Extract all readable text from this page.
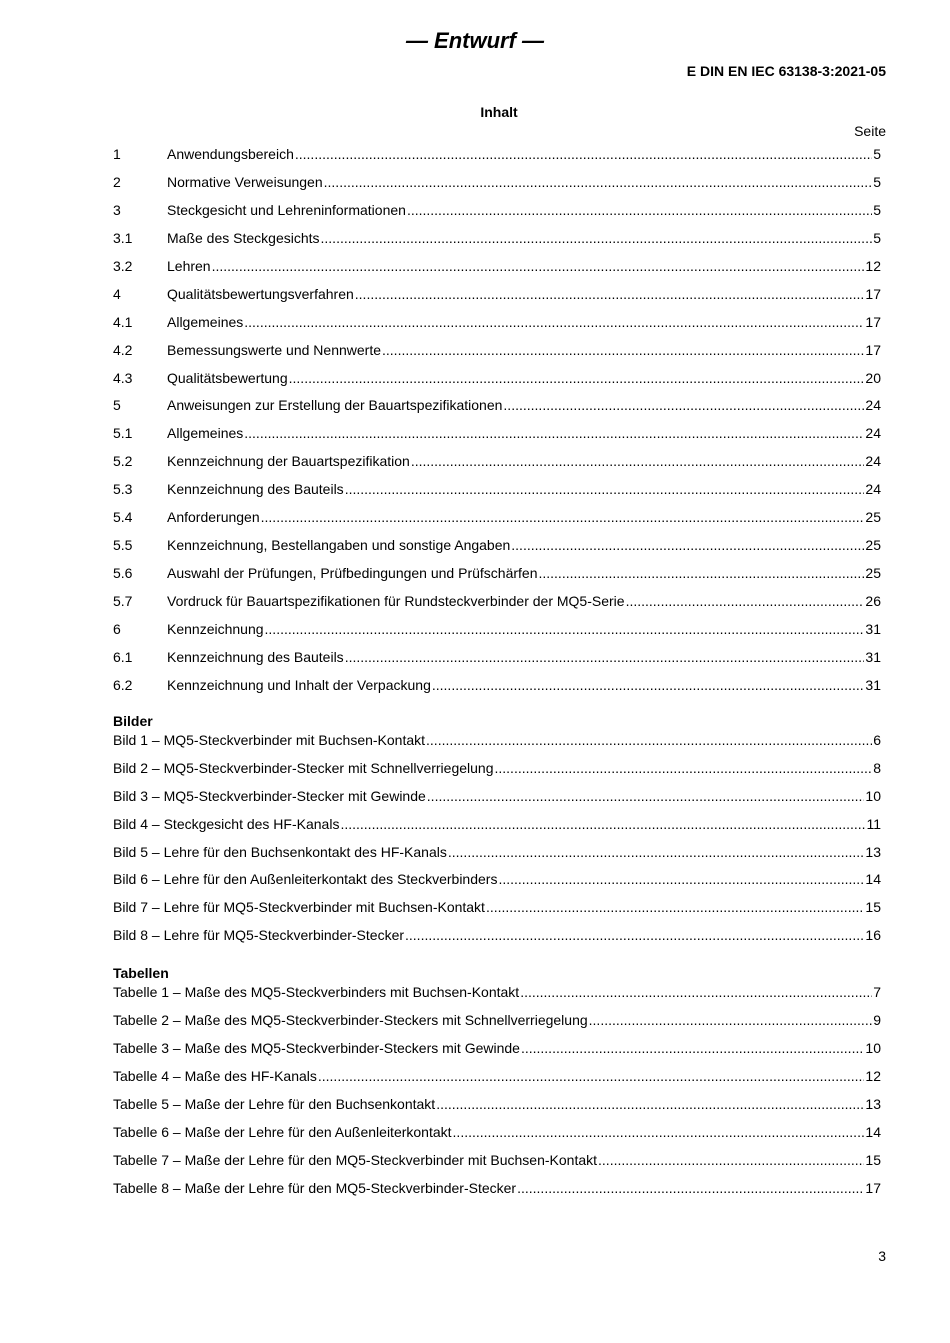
— Entwurf —
E DIN EN IEC 63138-3:2021-05
Inhalt
Seite
1	Anwendungsbereich .....	5
2	Normative Verweisungen .....	5
3	Steckgesicht und Lehreninformationen .....	5
3.1	Maße des Steckgesichts .....	5
3.2	Lehren .....	12
4	Qualitätsbewertungsverfahren .....	17
4.1	Allgemeines .....	17
4.2	Bemessungswerte und Nennwerte .....	17
4.3	Qualitätsbewertung .....	20
5	Anweisungen zur Erstellung der Bauartspezifikationen .....	24
5.1	Allgemeines .....	24
5.2	Kennzeichnung der Bauartspezifikation .....	24
5.3	Kennzeichnung des Bauteils .....	24
5.4	Anforderungen .....	25
5.5	Kennzeichnung, Bestellangaben und sonstige Angaben .....	25
5.6	Auswahl der Prüfungen, Prüfbedingungen und Prüfschärfen .....	25
5.7	Vordruck für Bauartspezifikationen für Rundsteckverbinder der MQ5-Serie .....	26
6	Kennzeichnung .....	31
6.1	Kennzeichnung des Bauteils .....	31
6.2	Kennzeichnung und Inhalt der Verpackung .....	31
Bilder
Bild 1 – MQ5-Steckverbinder mit Buchsen-Kontakt .....	6
Bild 2 – MQ5-Steckverbinder-Stecker mit Schnellverriegelung .....	8
Bild 3 – MQ5-Steckverbinder-Stecker mit Gewinde .....	10
Bild 4 – Steckgesicht des HF-Kanals .....	11
Bild 5 – Lehre für den Buchsenkontakt des HF-Kanals .....	13
Bild 6 – Lehre für den Außenleiterkontakt des Steckverbinders .....	14
Bild 7 – Lehre für MQ5-Steckverbinder mit Buchsen-Kontakt .....	15
Bild 8 – Lehre für MQ5-Steckverbinder-Stecker .....	16
Tabellen
Tabelle 1 – Maße des MQ5-Steckverbinders mit Buchsen-Kontakt .....	7
Tabelle 2 – Maße des MQ5-Steckverbinder-Steckers mit Schnellverriegelung .....	9
Tabelle 3 – Maße des MQ5-Steckverbinder-Steckers mit Gewinde .....	10
Tabelle 4 – Maße des HF-Kanals .....	12
Tabelle 5 – Maße der Lehre für den Buchsenkontakt .....	13
Tabelle 6 – Maße der Lehre für den Außenleiterkontakt .....	14
Tabelle 7 – Maße der Lehre für den MQ5-Steckverbinder mit Buchsen-Kontakt .....	15
Tabelle 8 – Maße der Lehre für den MQ5-Steckverbinder-Stecker .....	17
3
